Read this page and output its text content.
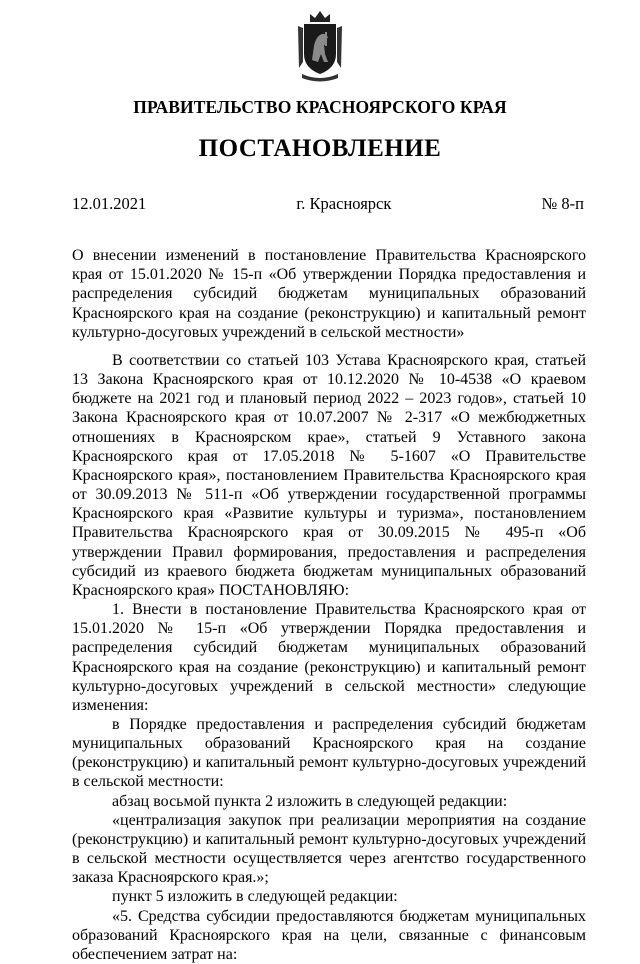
ПРАВИТЕЛЬСТВО КРАСНОЯРСКОГО КРАЯ
ПОСТАНОВЛЕНИЕ
12.01.2021	г. Красноярск	№ 8-п

О внесении изменений в постановление Правительства Красноярского края от 15.01.2020 № 15-п «Об утверждении Порядка предоставления и распределения субсидий бюджетам муниципальных образований Красноярского края на создание (реконструкцию) и капитальный ремонт культурно-досуговых учреждений в сельской местности»

В соответствии со статьей 103 Устава Красноярского края, статьей 13 Закона Красноярского края от 10.12.2020 № 10-4538 «О краевом бюджете на 2021 год и плановый период 2022 – 2023 годов», статьей 10 Закона Красноярского края от 10.07.2007 № 2-317 «О межбюджетных отношениях в Красноярском крае», статьей 9 Уставного закона Красноярского края от 17.05.2018 № 5-1607 «О Правительстве Красноярского края», постановлением Правительства Красноярского края от 30.09.2013 № 511-п «Об утверждении государственной программы Красноярского края «Развитие культуры и туризма», постановлением Правительства Красноярского края от 30.09.2015 № 495-п «Об утверждении Правил формирования, предоставления и распределения субсидий из краевого бюджета бюджетам муниципальных образований Красноярского края» ПОСТАНОВЛЯЮ:

1. Внести в постановление Правительства Красноярского края от 15.01.2020 № 15-п «Об утверждении Порядка предоставления и распределения субсидий бюджетам муниципальных образований Красноярского края на создание (реконструкцию) и капитальный ремонт культурно-досуговых учреждений в сельской местности» следующие изменения:

в Порядке предоставления и распределения субсидий бюджетам муниципальных образований Красноярского края на создание (реконструкцию) и капитальный ремонт культурно-досуговых учреждений в сельской местности:

абзац восьмой пункта 2 изложить в следующей редакции:

«централизация закупок при реализации мероприятия на создание (реконструкцию) и капитальный ремонт культурно-досуговых учреждений в сельской местности осуществляется через агентство государственного заказа Красноярского края.»;

пункт 5 изложить в следующей редакции:

«5. Средства субсидии предоставляются бюджетам муниципальных образований Красноярского края на цели, связанные с финансовым обеспечением затрат на:
